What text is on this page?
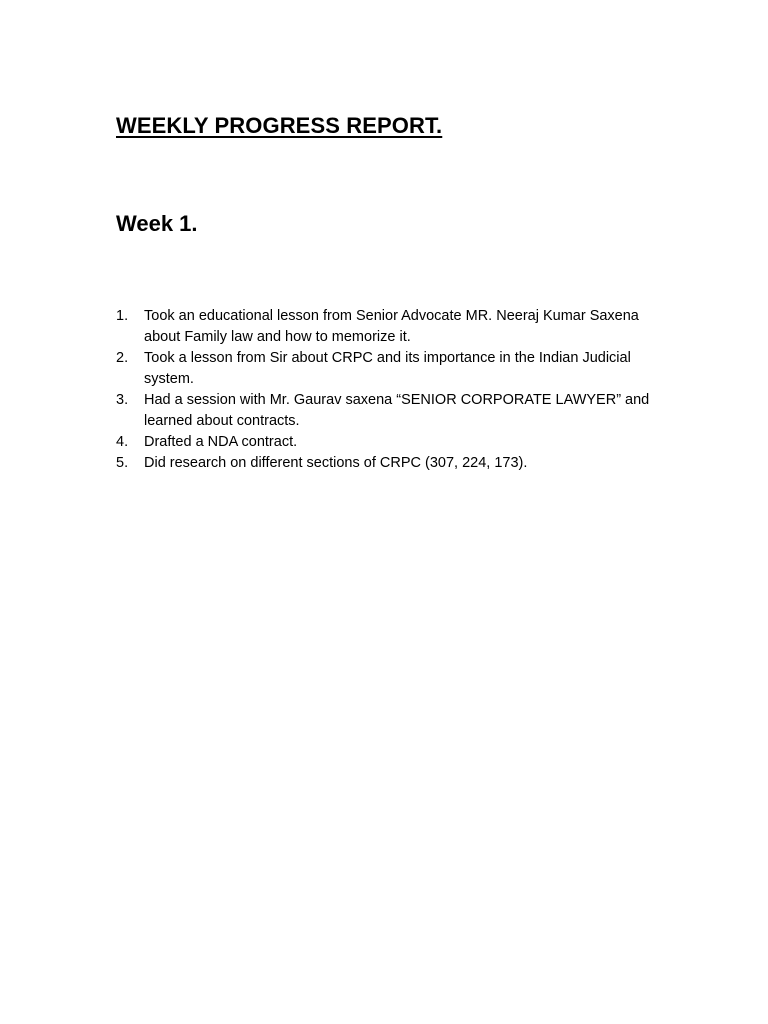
WEEKLY PROGRESS REPORT.
Week 1.
1.	Took an educational lesson from Senior Advocate MR. Neeraj Kumar Saxena about Family law and how to memorize it.
2.	Took a lesson from Sir about CRPC and its importance in the Indian Judicial system.
3.	Had a session with Mr. Gaurav saxena “SENIOR CORPORATE LAWYER” and learned about contracts.
4.	Drafted a NDA contract.
5.	Did research on different sections of CRPC (307, 224, 173).
